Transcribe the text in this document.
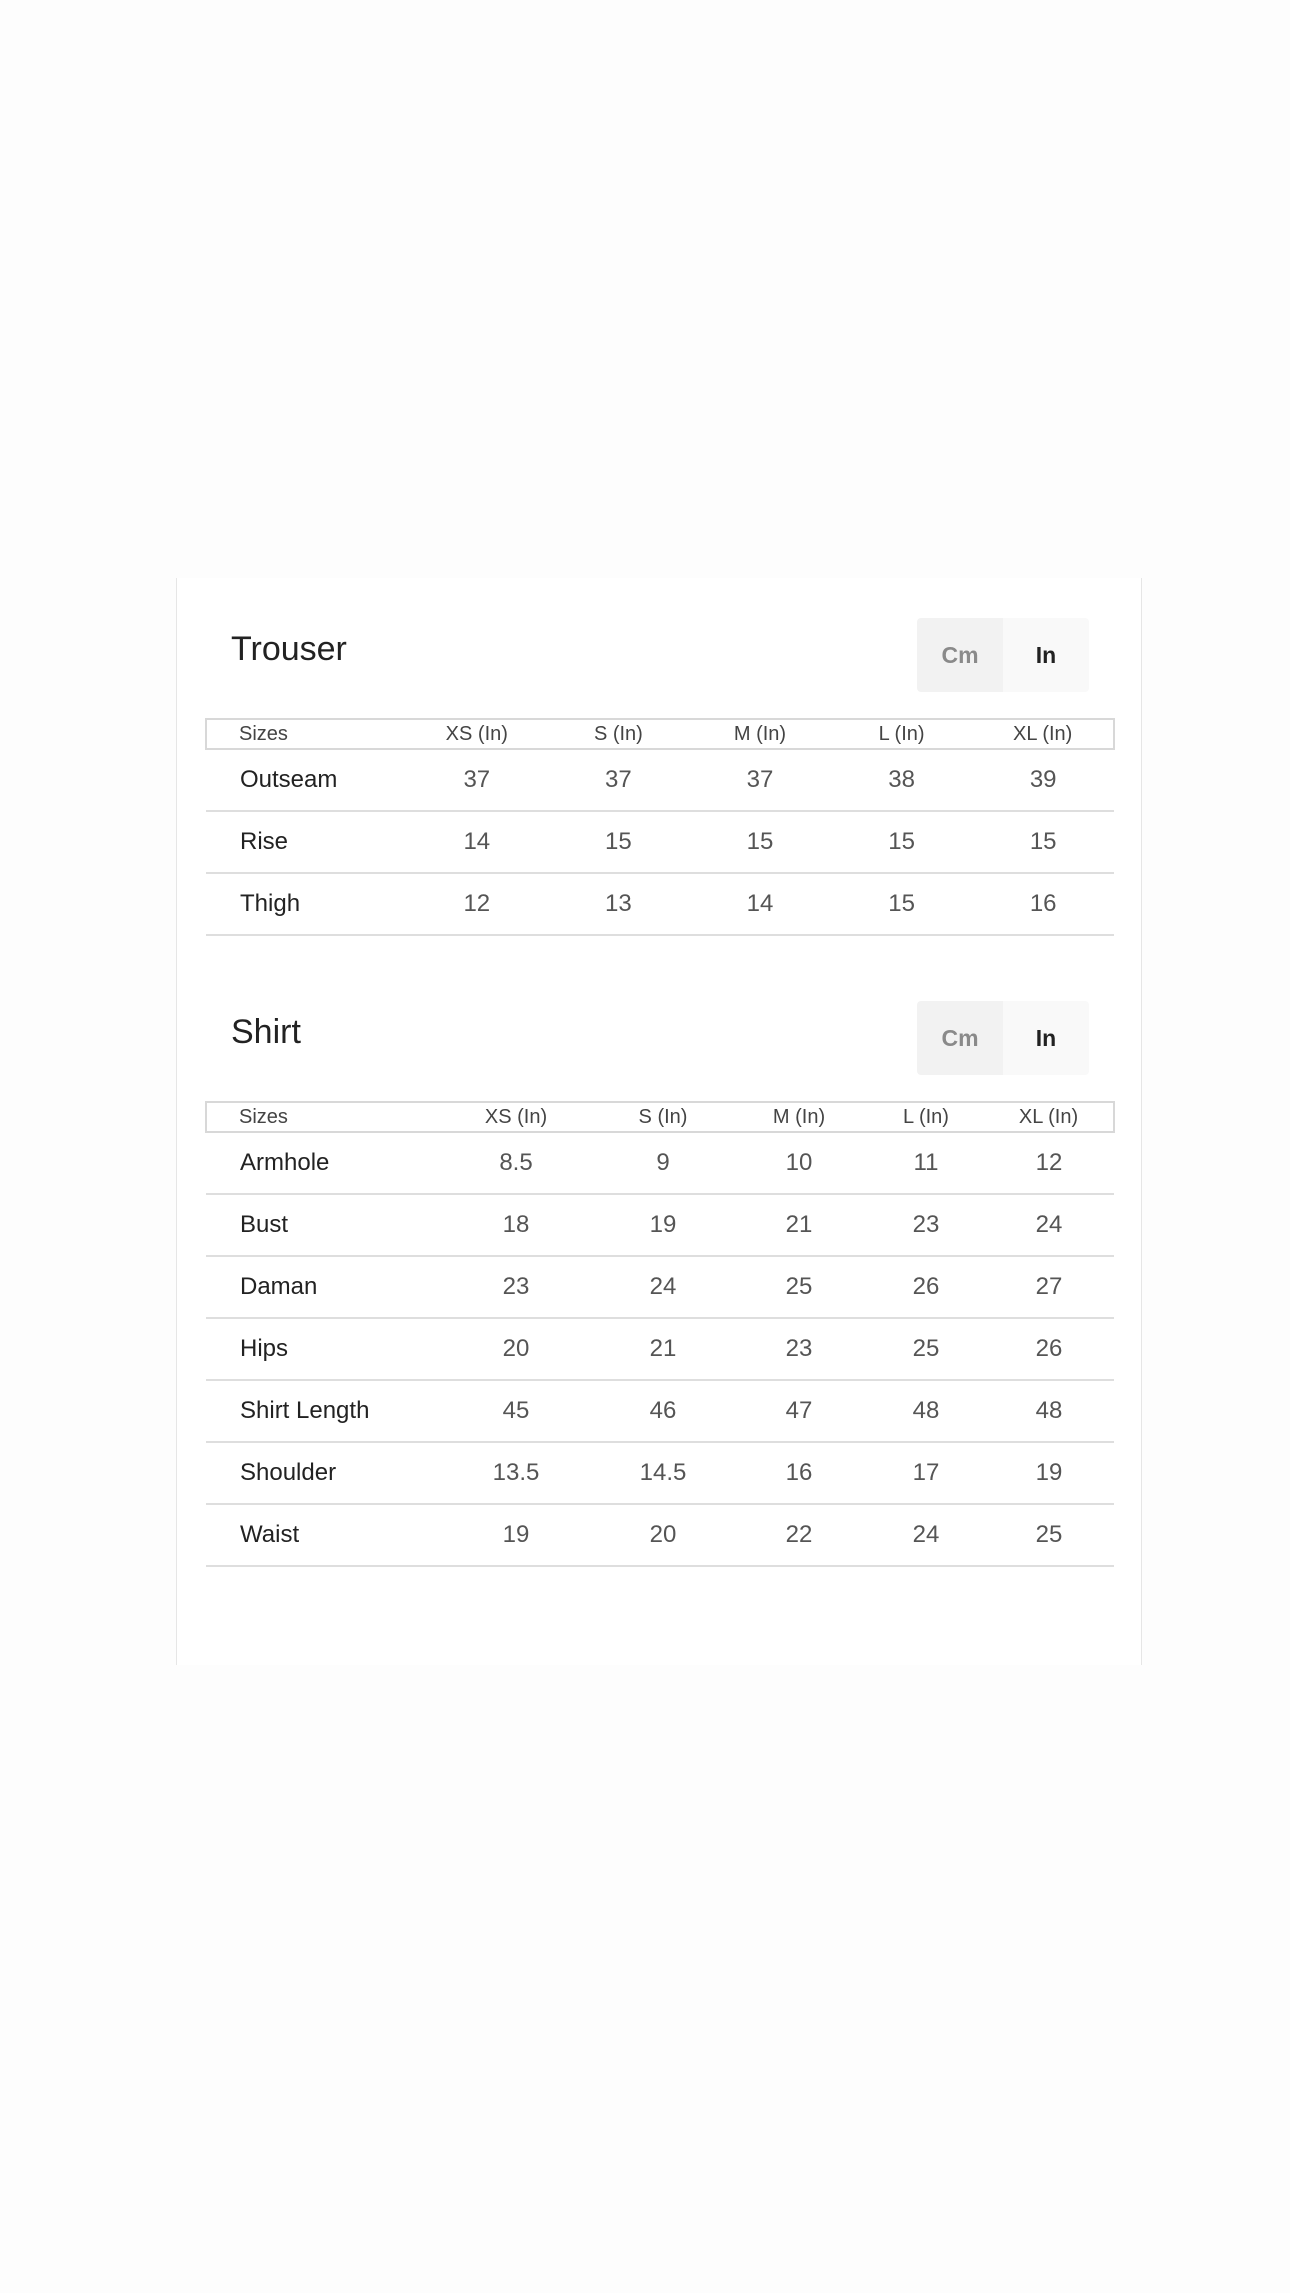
Trouser	Cm	In
Sizes	XS (In)	S (In)	M (In)	L (In)	XL (In)
Outseam	37	37	37	38	39
Rise	14	15	15	15	15
Thigh	12	13	14	15	16
Shirt	Cm	In
Sizes	XS (In)	S (In)	M (In)	L (In)	XL (In)
Armhole	8.5	9	10	11	12
Bust	18	19	21	23	24
Daman	23	24	25	26	27
Hips	20	21	23	25	26
Shirt Length	45	46	47	48	48
Shoulder	13.5	14.5	16	17	19
Waist	19	20	22	24	25
